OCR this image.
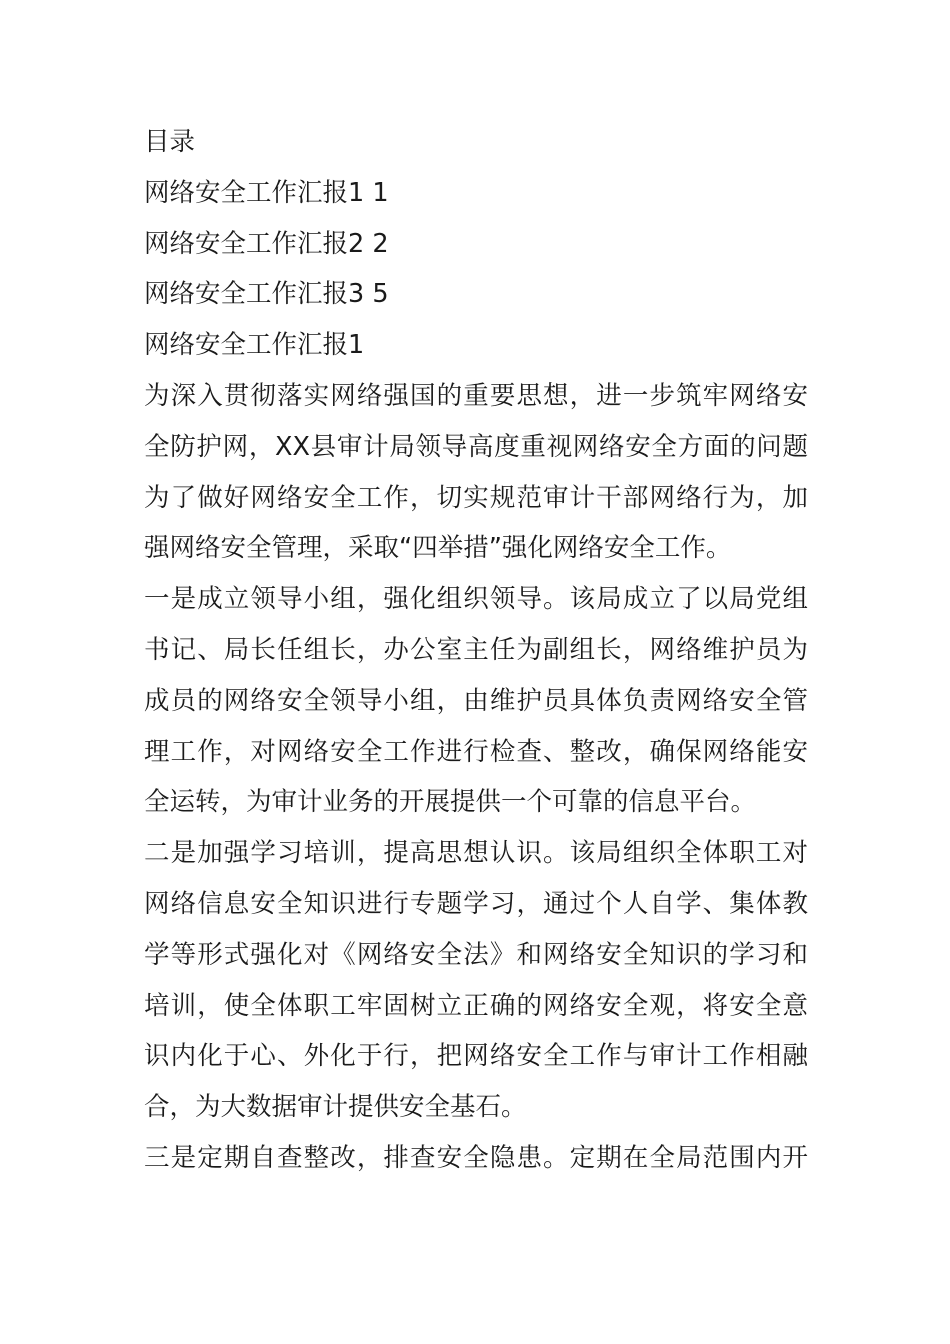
目录
网络安全工作汇报1 1
网络安全工作汇报2 2
网络安全工作汇报3 5
网络安全工作汇报1
为深入贯彻落实网络强国的重要思想，进一步筑牢网络安
全防护网，XX县审计局领导高度重视网络安全方面的问题
为了做好网络安全工作，切实规范审计干部网络行为，加
强网络安全管理，采取“四举措”强化网络安全工作。
一是成立领导小组，强化组织领导。该局成立了以局党组
书记、局长任组长，办公室主任为副组长，网络维护员为
成员的网络安全领导小组，由维护员具体负责网络安全管
理工作，对网络安全工作进行检查、整改，确保网络能安
全运转，为审计业务的开展提供一个可靠的信息平台。
二是加强学习培训，提高思想认识。该局组织全体职工对
网络信息安全知识进行专题学习，通过个人自学、集体教
学等形式强化对《网络安全法》和网络安全知识的学习和
培训，使全体职工牢固树立正确的网络安全观，将安全意
识内化于心、外化于行，把网络安全工作与审计工作相融
合，为大数据审计提供安全基石。
三是定期自查整改，排查安全隐患。定期在全局范围内开
